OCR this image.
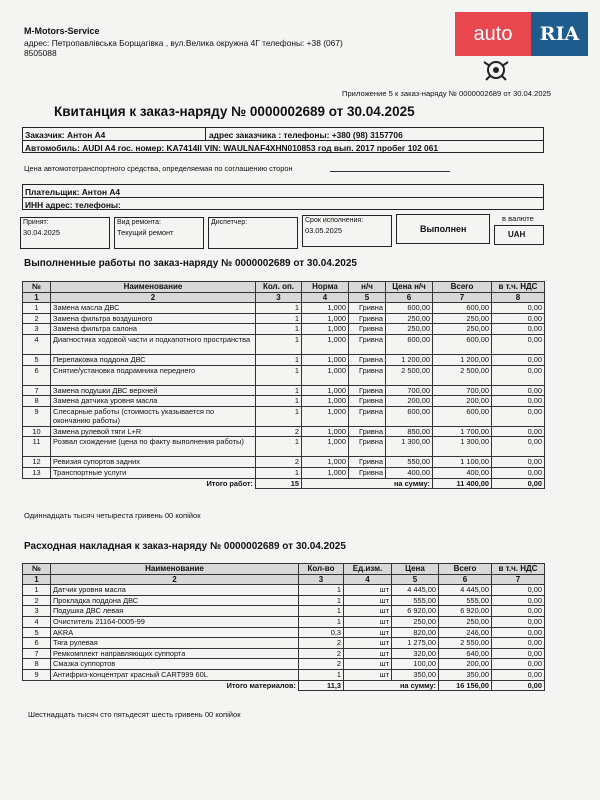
auto	RIA
M-Motors-Service
адрес: Петропавлівська Борщагівка , вул.Велика окружна 4Г телефоны: +38 (067)
8505088
Приложение 5 к заказ-наряду № 0000002689 от 30.04.2025
Квитанция к заказ-наряду № 0000002689 от 30.04.2025
Заказчик: Антон А4	адрес заказчика : телефоны: +380 (98) 3157706
Автомобиль: AUDI A4 гос. номер: KA7414II VIN: WAULNAF4XHN010853 год вып. 2017 пробег 102 061
Цена автомототранспортного средства, определяемая по соглашению сторон
Плательщик: Антон А4
ИНН адрес: телефоны:
Принят:
30.04.2025
Вид ремонта:
Текущий ремонт
Диспетчер:	Срок исполнения:
03.05.2025	Выполнен
в валюте
UAH
Выполненные работы по заказ-наряду № 0000002689 от 30.04.2025
№	Наименование	Кол. оп.	Норма	н/ч	Цена н/ч	Всего	в т.ч. НДС
1	2	3	4	5	6	7	8
1	Замена масла ДВС	1	1,000	Гривна	600,00	600,00	0,00
2	Замена фильтра воздушного	1	1,000	Гривна	250,00	250,00	0,00
3	Замена фильтра салона	1	1,000	Гривна	250,00	250,00	0,00
4	Диагностика ходовой части и подкапотного пространства	1	1,000	Гривна	600,00	600,00	0,00
5	Перепаковка поддона ДВС	1	1,000	Гривна	1 200,00	1 200,00	0,00
6	Снятие/установка подрамника переднего	1	1,000	Гривна	2 500,00	2 500,00	0,00
7	Замена подушки ДВС верхней	1	1,000	Гривна	700,00	700,00	0,00
8	Замена датчика уровня масла	1	1,000	Гривна	200,00	200,00	0,00
9	Слесарные работы (стоимость указывается по окончанию работы)	1	1,000	Гривна	600,00	600,00	0,00
10	Замена рулевой тяги L+R	2	1,000	Гривна	850,00	1 700,00	0,00
11	Розвал схождение (цена по факту выполнения работы)	1	1,000	Гривна	1 300,00	1 300,00	0,00
12	Ревизия супортов задних	2	1,000	Гривна	550,00	1 100,00	0,00
13	Транспортные услуги	1	1,000	Гривна	400,00	400,00	0,00
Итого работ:		15	на сумму:			11 400,00	0,00
Одиннадцать тысяч четыреста гривень 00 копійок
Расходная накладная к заказ-наряду № 0000002689 от 30.04.2025
№	Наименование	Кол-во	Ед.изм.	Цена	Всего	в т.ч. НДС
1	2	3	4	5	6	7
1	Датчик уровня масла	1	шт	4 445,00	4 445,00	0,00
2	Прокладка поддона ДВС	1	шт	555,00	555,00	0,00
3	Подушка ДВС левая	1	шт	6 920,00	6 920,00	0,00
4	Очиститель 21164-0005-99	1	шт	250,00	250,00	0,00
5	AKRA	0,3	шт	820,00	246,00	0,00
6	Тяга рулевая	2	шт	1 275,00	2 550,00	0,00
7	Ремкомплект направляющих суппорта	2	шт	320,00	640,00	0,00
8	Смазка суппортов	2	шт	100,00	200,00	0,00
9	Антифриз-концентрат красный CART999 60L	1	шт	350,00	350,00	0,00
Итого материалов:		11,3	на сумму:		16 156,00	0,00
Шестнадцать тысяч сто пятьдесят шесть гривень 00 копійок
